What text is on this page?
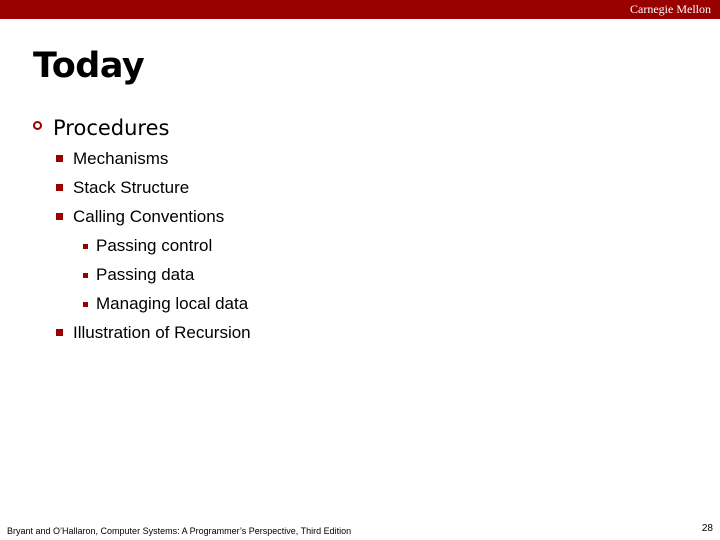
Carnegie Mellon
Today
Procedures
Mechanisms
Stack Structure
Calling Conventions
Passing control
Passing data
Managing local data
Illustration of Recursion
Bryant and O’Hallaron, Computer Systems: A Programmer’s Perspective, Third Edition	28
